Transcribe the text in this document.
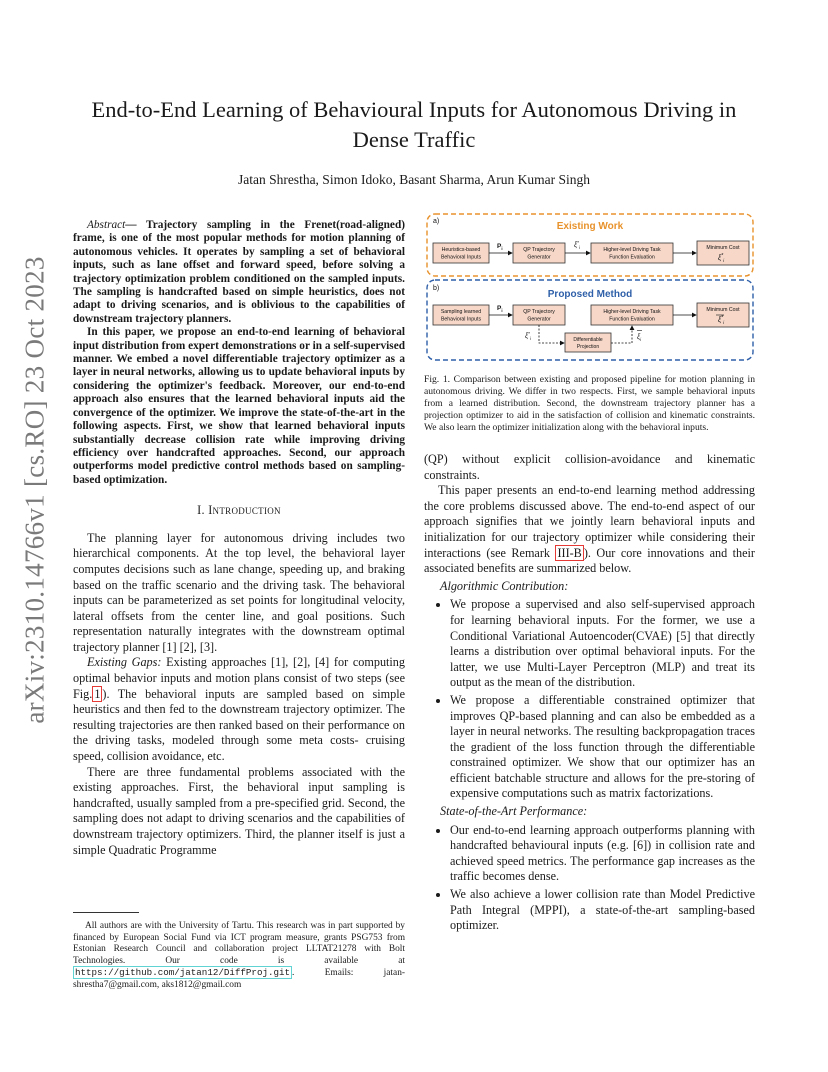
arXiv:2310.14766v1 [cs.RO] 23 Oct 2023
End-to-End Learning of Behavioural Inputs for Autonomous Driving in Dense Traffic
Jatan Shrestha, Simon Idoko, Basant Sharma, Arun Kumar Singh

Abstract— Trajectory sampling in the Frenet(road-aligned) frame, is one of the most popular methods for motion planning of autonomous vehicles. It operates by sampling a set of behavioral inputs, such as lane offset and forward speed, before solving a trajectory optimization problem conditioned on the sampled inputs. The sampling is handcrafted based on simple heuristics, does not adapt to driving scenarios, and is oblivious to the capabilities of downstream trajectory planners.

In this paper, we propose an end-to-end learning of behavioral input distribution from expert demonstrations or in a self-supervised manner. We embed a novel differentiable trajectory optimizer as a layer in neural networks, allowing us to update behavioral inputs by considering the optimizer's feedback. Moreover, our end-to-end approach also ensures that the learned behavioral inputs aid the convergence of the optimizer. We improve the state-of-the-art in the following aspects. First, we show that learned behavioral inputs substantially decrease collision rate while improving driving efficiency over handcrafted approaches. Second, our approach outperforms model predictive control methods based on sampling-based optimization.

I. Introduction

The planning layer for autonomous driving includes two hierarchical components. At the top level, the behavioral layer computes decisions such as lane change, speeding up, and braking based on the traffic scenario and the driving task. The behavioral inputs can be parameterized as set points for longitudinal velocity, lateral offsets from the center line, and goal positions. Such representation naturally integrates with the downstream optimal trajectory planner [1] [2], [3].

Existing Gaps: Existing approaches [1], [2], [4] for computing optimal behavior inputs and motion plans consist of two steps (see Fig. 1 ). The behavioral inputs are sampled based on simple heuristics and then fed to the downstream trajectory optimizer. The resulting trajectories are then ranked based on their performance on the driving tasks, modeled through some meta costs- cruising speed, collision avoidance, etc.

There are three fundamental problems associated with the existing approaches. First, the behavioral input sampling is handcrafted, usually sampled from a pre-specified grid. Second, the sampling does not adapt to driving scenarios and the capabilities of downstream trajectory optimizers. Third, the planner itself is just a simple Quadratic Programme

All authors are with the University of Tartu. This research was in part supported by financed by European Social Fund via ICT program measure, grants PSG753 from Estonian Research Council and collaboration project LLTAT21278 with Bolt Technologies. Our code is available at https://github.com/jatan12/DiffProj.git . Emails: jatan-shrestha7@gmail.com, aks1812@gmail.com
a)	Existing Work
Heuristics-based
Behavioral Inputs
QP Trajectory
Generator
Higher-level Driving Task
Function Evaluation
Minimum Cost
$\xi^*_i$
$P_i$	$\xi^*_i$
b)
Proposed Method
Sampling learned
Behavioral Inputs
QP Trajectory
Generator
Higher-level Driving Task
Function Evaluation
Minimum Cost
$\xi^*_i$
Differentiable
Projection
$P_i$
$\xi^*_i$	$\xi_i$
Fig. 1. Comparison between existing and proposed pipeline for motion planning in autonomous driving. We differ in two respects. First, we sample behavioral inputs from a learned distribution. Second, the downstream trajectory planner has a projection optimizer to aid in the satisfaction of collision and kinematic constraints. We also learn the optimizer initialization along with the behavioral inputs.

(QP) without explicit collision-avoidance and kinematic constraints.

This paper presents an end-to-end learning method addressing the core problems discussed above. The end-to-end aspect of our approach signifies that we jointly learn behavioral inputs and initialization for our trajectory optimizer while considering their interactions (see Remark III-B ). Our core innovations and their associated benefits are summarized below.

Algorithmic Contribution:
• We propose a supervised and also self-supervised approach for learning behavioral inputs. For the former, we use a Conditional Variational Autoencoder(CVAE) [5] that directly learns a distribution over optimal behavioral inputs. For the latter, we use Multi-Layer Perceptron (MLP) and treat its output as the mean of the distribution.
• We propose a differentiable constrained optimizer that improves QP-based planning and can also be embedded as a layer in neural networks. The resulting backpropagation traces the gradient of the loss function through the differentiable constrained optimizer. We show that our optimizer has an efficient batchable structure and allows for the pre-storing of expensive computations such as matrix factorizations.
State-of-the-Art Performance:
• Our end-to-end learning approach outperforms planning with handcrafted behavioural inputs (e.g. [6]) in collision rate and achieved speed metrics. The performance gap increases as the traffic becomes dense.
• We also achieve a lower collision rate than Model Predictive Path Integral (MPPI), a state-of-the-art sampling-based optimizer.
